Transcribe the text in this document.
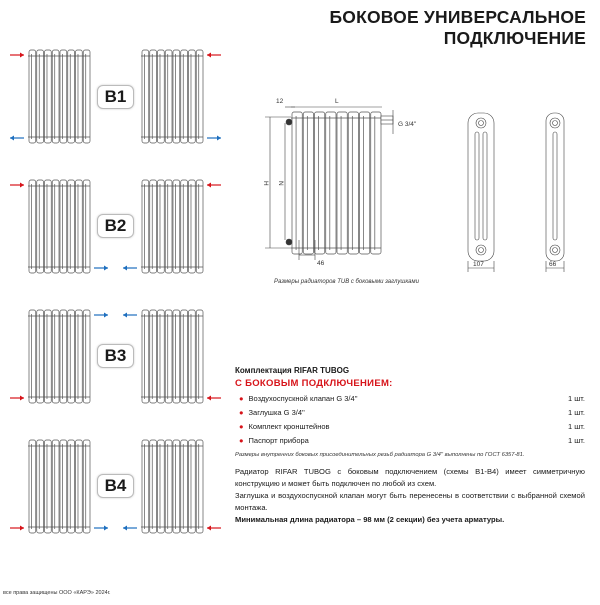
БОКОВОЕ УНИВЕРСАЛЬНОЕ
ПОДКЛЮЧЕНИЕ
B1
B2
B3
B4
L
12
G 3/4''
H N
46	107	66
Размеры радиаторов TUB с боковыми заглушками
Комплектация RIFAR TUBOG
С БОКОВЫМ ПОДКЛЮЧЕНИЕМ:
● Воздухоспускной клапан G 3/4''	1 шт.
● Заглушка G 3/4''	1 шт.
● Комплект кронштейнов	1 шт.
● Паспорт прибора	1 шт.
Размеры внутренних боковых присоединительных резьб радиатора G 3/4'' выполнены по ГОСТ 6357-81.

Радиатор RIFAR TUBOG с боковым подключением (схемы B1-B4) имеет симметричную конструкцию и может быть подключен по любой из схем.

Заглушка и воздухоспускной клапан могут быть перенесены в соответствии с выбранной схемой монтажа.

Минимальная длина радиатора – 98 мм (2 секции) без учета арматуры.
все права защищены ООО «КАРЭ» 2024г.
